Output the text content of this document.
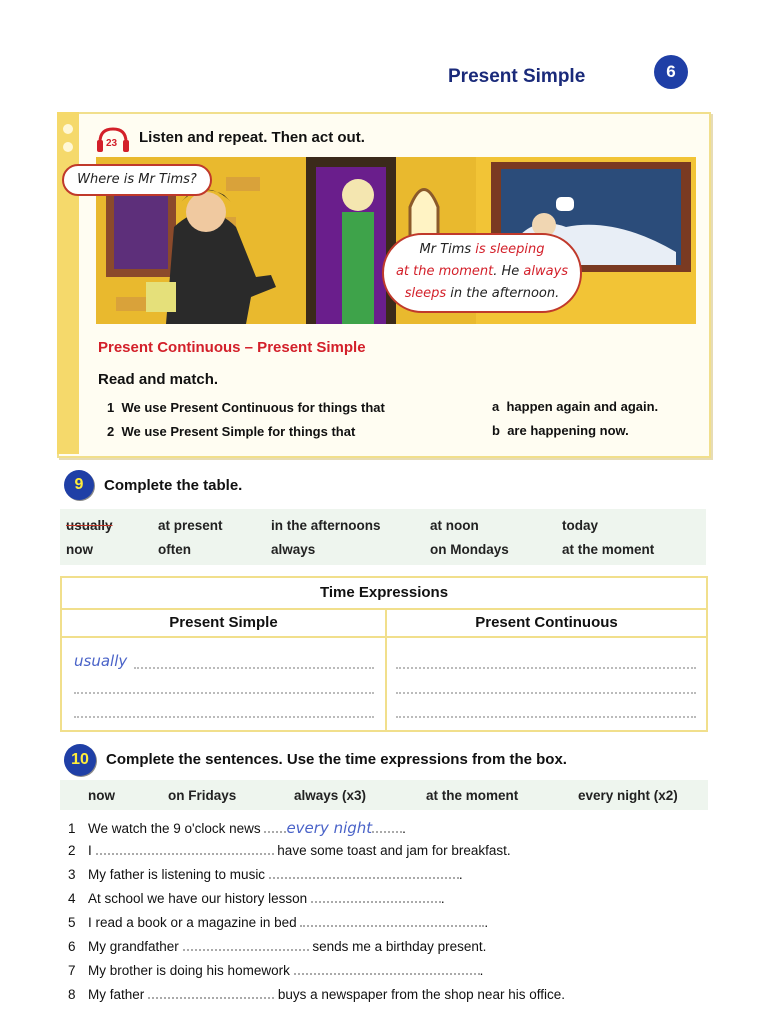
Present Simple	6
23 Listen and repeat. Then act out.
Where is Mr Tims?
Mr Tims is sleeping
at the moment. He always
sleeps in the afternoon.
Present Continuous – Present Simple
Read and match.
1 We use Present Continuous for things that
2 We use Present Simple for things that
a happen again and again.
b are happening now.
9	Complete the table.
usually	at present	in the afternoons	at noon	today
now	often	always	on Mondays	at the moment
Time Expressions
Present Simple	Present Continuous
usually
10	Complete the sentences. Use the time expressions from the box.
now	on Fridays	always (x3)	at the moment	every night (x2)
1 We watch the 9 o'clock news every night .
2 I	have some toast and jam for breakfast.
3 My father is listening to music	.
4 At school we have our history lesson	.
5 I read a book or a magazine in bed	.
6 My grandfather	sends me a birthday present.
7 My brother is doing his homework	.
8 My father	buys a newspaper from the shop near his office.
